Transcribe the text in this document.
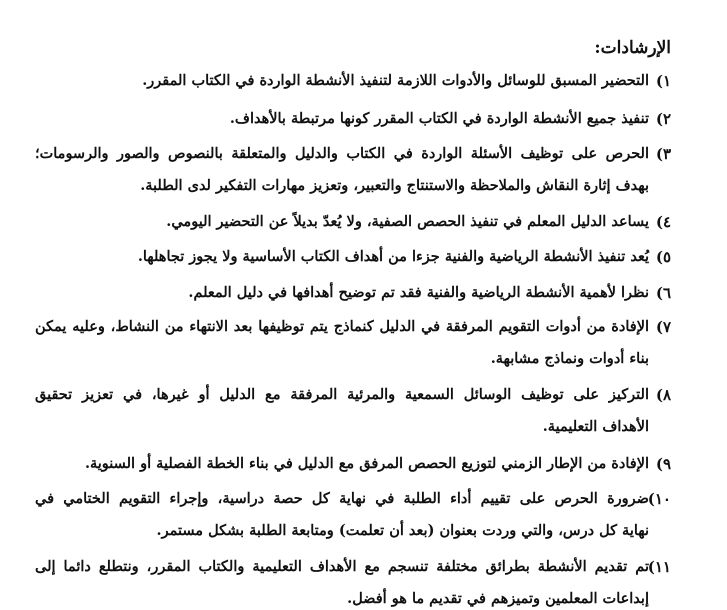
الإرشادات:
١)
التحضير المسبق للوسائل والأدوات اللازمة لتنفيذ الأنشطة الواردة في الكتاب المقرر.
٢)
تنفيذ جميع الأنشطة الواردة في الكتاب المقرر كونها مرتبطة بالأهداف.
٣)
الحرص على توظيف الأسئلة الواردة في الكتاب والدليل والمتعلقة بالنصوص والصور والرسومات؛
بهدف إثارة النقاش والملاحظة والاستنتاج والتعبير، وتعزيز مهارات التفكير لدى الطلبة.
٤)
يساعد الدليل المعلم في تنفيذ الحصص الصفية، ولا يُعدّ بديلاً عن التحضير اليومي.
٥)
يُعد تنفيذ الأنشطة الرياضية والفنية جزءا من أهداف الكتاب الأساسية ولا يجوز تجاهلها.
٦)
نظرا لأهمية الأنشطة الرياضية والفنية فقد تم توضيح أهدافها في دليل المعلم.
٧)
الإفادة من أدوات التقويم المرفقة في الدليل كنماذج يتم توظيفها بعد الانتهاء من النشاط، وعليه يمكن
بناء أدوات ونماذج مشابهة.
٨)
التركيز على توظيف الوسائل السمعية والمرئية المرفقة مع الدليل أو غيرها، في تعزيز تحقيق
الأهداف التعليمية.
٩)
الإفادة من الإطار الزمني لتوزيع الحصص المرفق مع الدليل في بناء الخطة الفصلية أو السنوية.
١٠)
ضرورة الحرص على تقييم أداء الطلبة في نهاية كل حصة دراسية، وإجراء التقويم الختامي في
نهاية كل درس، والتي وردت بعنوان (بعد أن تعلمت) ومتابعة الطلبة بشكل مستمر.
١١)
تم تقديم الأنشطة بطرائق مختلفة تنسجم مع الأهداف التعليمية والكتاب المقرر، ونتطلع دائما إلى
إبداعات المعلمين وتميزهم في تقديم ما هو أفضل.
